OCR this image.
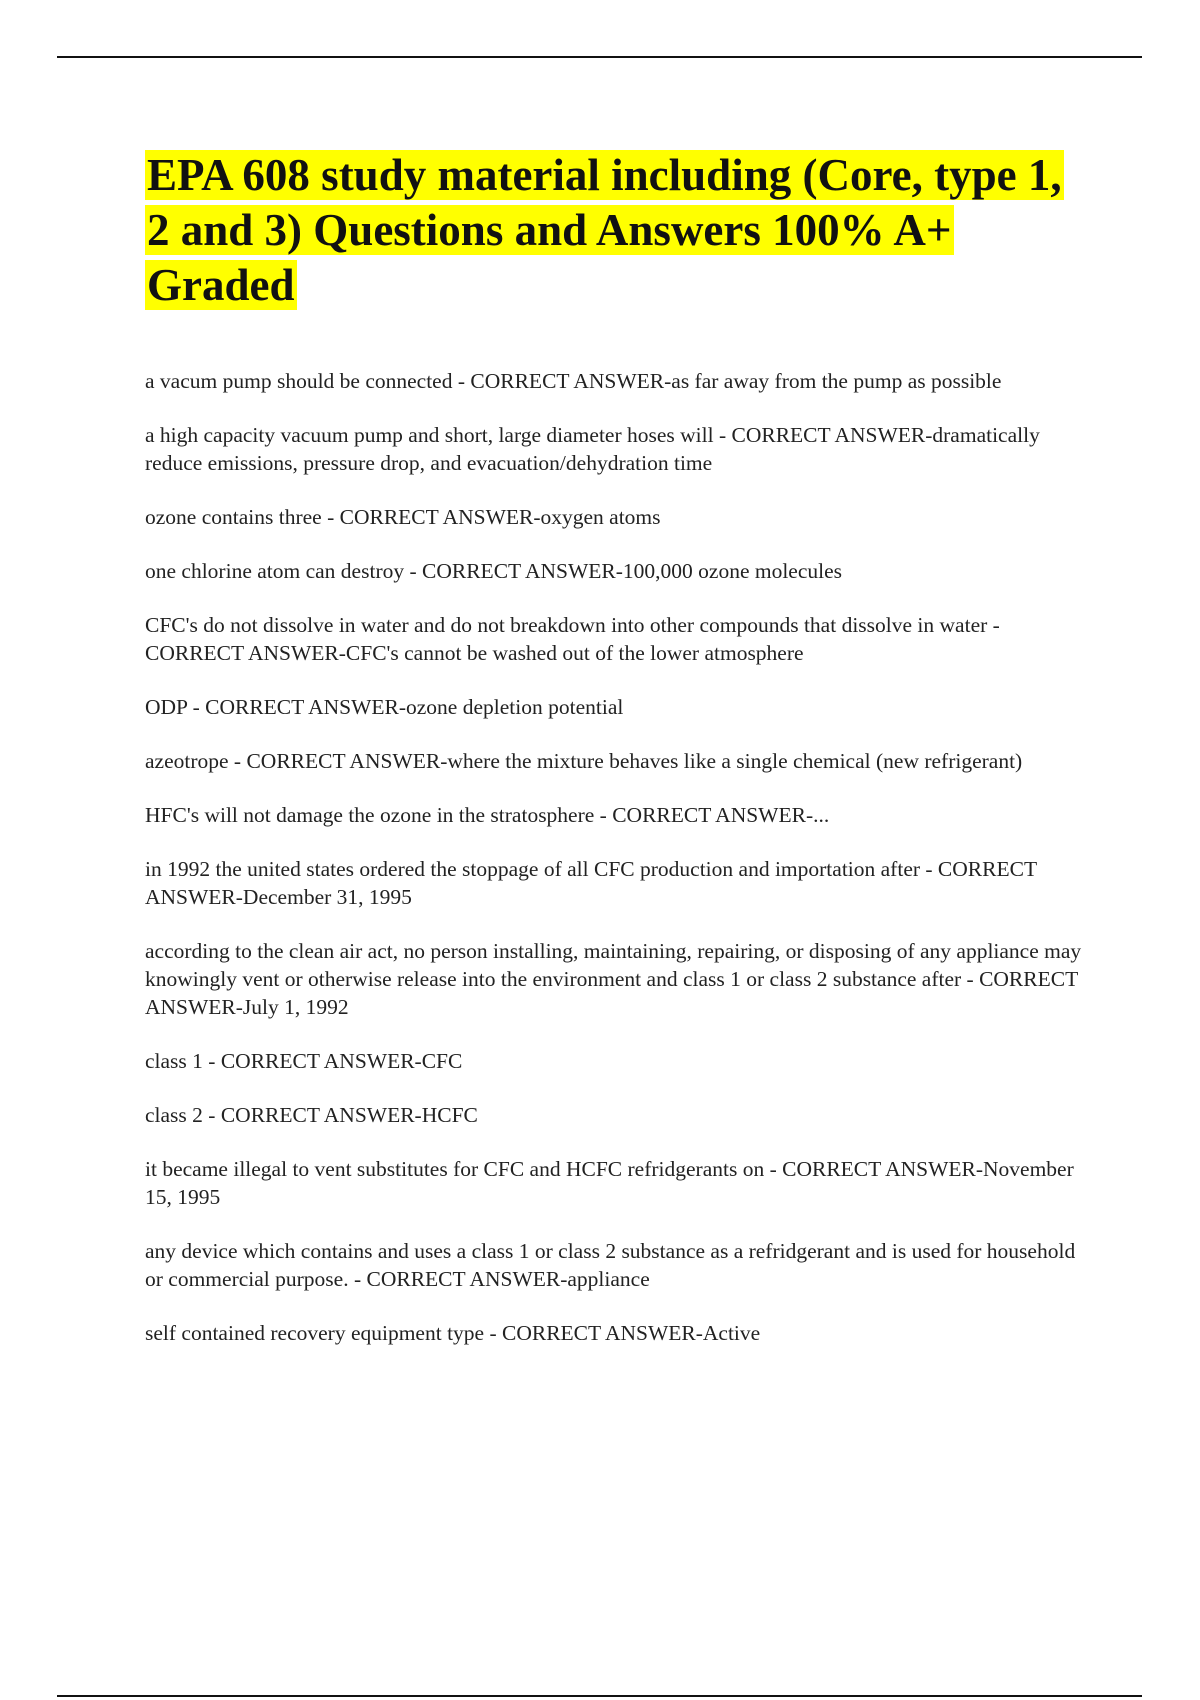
EPA 608 study material including (Core, type 1, 2 and 3) Questions and Answers 100% A+ Graded

a vacum pump should be connected - CORRECT ANSWER-as far away from the pump as possible

a high capacity vacuum pump and short, large diameter hoses will - CORRECT ANSWER-dramatically reduce emissions, pressure drop, and evacuation/dehydration time

ozone contains three - CORRECT ANSWER-oxygen atoms

one chlorine atom can destroy - CORRECT ANSWER-100,000 ozone molecules

CFC's do not dissolve in water and do not breakdown into other compounds that dissolve in water - CORRECT ANSWER-CFC's cannot be washed out of the lower atmosphere

ODP - CORRECT ANSWER-ozone depletion potential

azeotrope - CORRECT ANSWER-where the mixture behaves like a single chemical (new refrigerant)

HFC's will not damage the ozone in the stratosphere - CORRECT ANSWER-...

in 1992 the united states ordered the stoppage of all CFC production and importation after - CORRECT ANSWER-December 31, 1995

according to the clean air act, no person installing, maintaining, repairing, or disposing of any appliance may knowingly vent or otherwise release into the environment and class 1 or class 2 substance after - CORRECT ANSWER-July 1, 1992

class 1 - CORRECT ANSWER-CFC

class 2 - CORRECT ANSWER-HCFC

it became illegal to vent substitutes for CFC and HCFC refridgerants on - CORRECT ANSWER-November 15, 1995

any device which contains and uses a class 1 or class 2 substance as a refridgerant and is used for household or commercial purpose. - CORRECT ANSWER-appliance

self contained recovery equipment type - CORRECT ANSWER-Active
